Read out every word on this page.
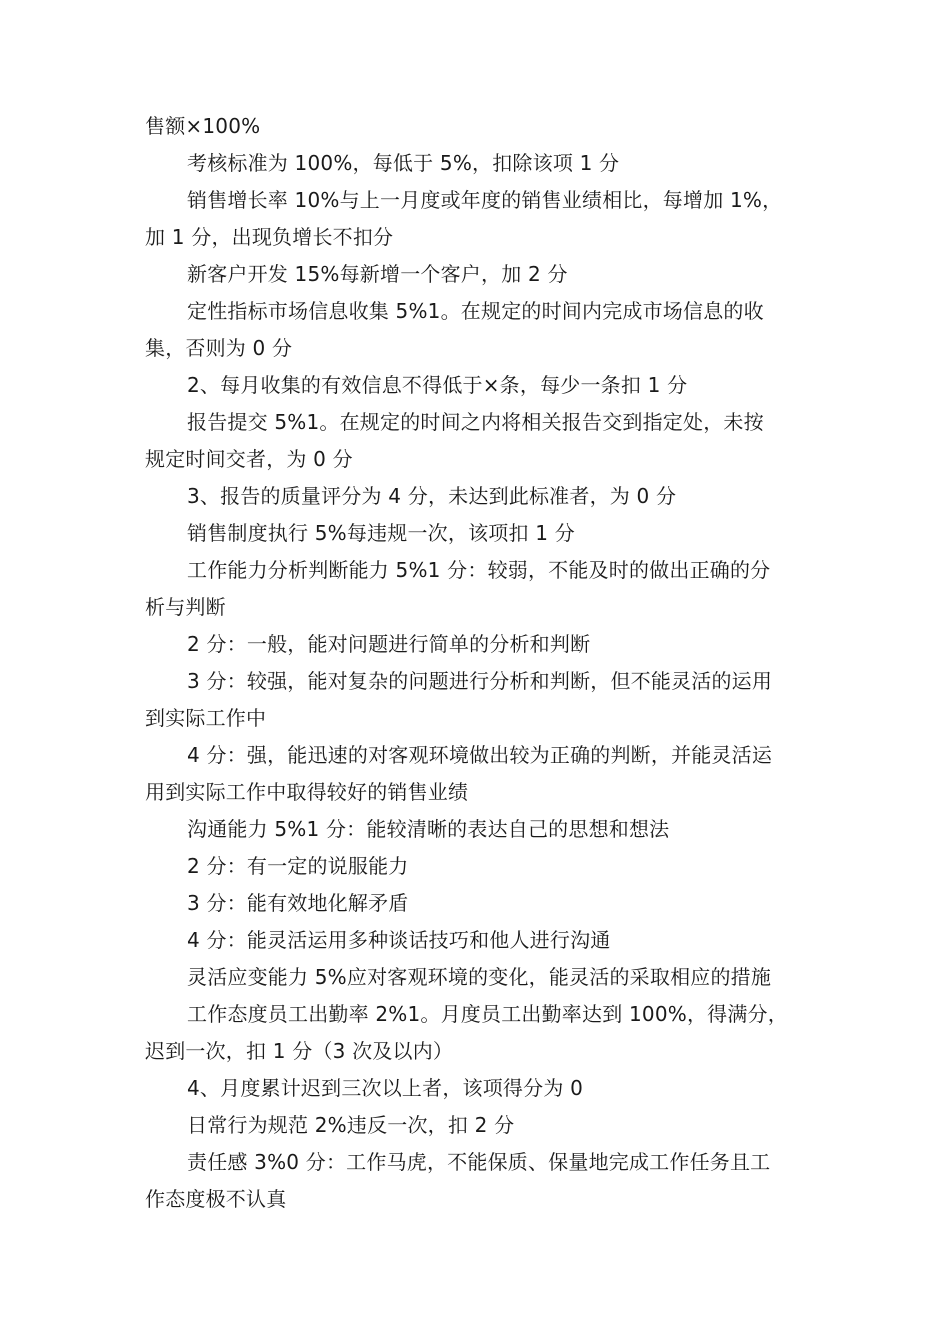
售额×100%
考核标准为 100%，每低于 5%，扣除该项 1 分
销售增长率 10%与上一月度或年度的销售业绩相比，每增加 1%，
加 1 分，出现负增长不扣分
新客户开发 15%每新增一个客户，加 2 分
定性指标市场信息收集 5%1。在规定的时间内完成市场信息的收
集，否则为 0 分
2、每月收集的有效信息不得低于×条，每少一条扣 1 分
报告提交 5%1。在规定的时间之内将相关报告交到指定处，未按
规定时间交者，为 0 分
3、报告的质量评分为 4 分，未达到此标准者，为 0 分
销售制度执行 5%每违规一次，该项扣 1 分
工作能力分析判断能力 5%1 分：较弱，不能及时的做出正确的分
析与判断
2 分：一般，能对问题进行简单的分析和判断
3 分：较强，能对复杂的问题进行分析和判断，但不能灵活的运用
到实际工作中
4 分：强，能迅速的对客观环境做出较为正确的判断，并能灵活运
用到实际工作中取得较好的销售业绩
沟通能力 5%1 分：能较清晰的表达自己的思想和想法
2 分：有一定的说服能力
3 分：能有效地化解矛盾
4 分：能灵活运用多种谈话技巧和他人进行沟通
灵活应变能力 5%应对客观环境的变化，能灵活的采取相应的措施
工作态度员工出勤率 2%1。月度员工出勤率达到 100%，得满分，
迟到一次，扣 1 分（3 次及以内）
4、月度累计迟到三次以上者，该项得分为 0
日常行为规范 2%违反一次，扣 2 分
责任感 3%0 分：工作马虎，不能保质、保量地完成工作任务且工
作态度极不认真
